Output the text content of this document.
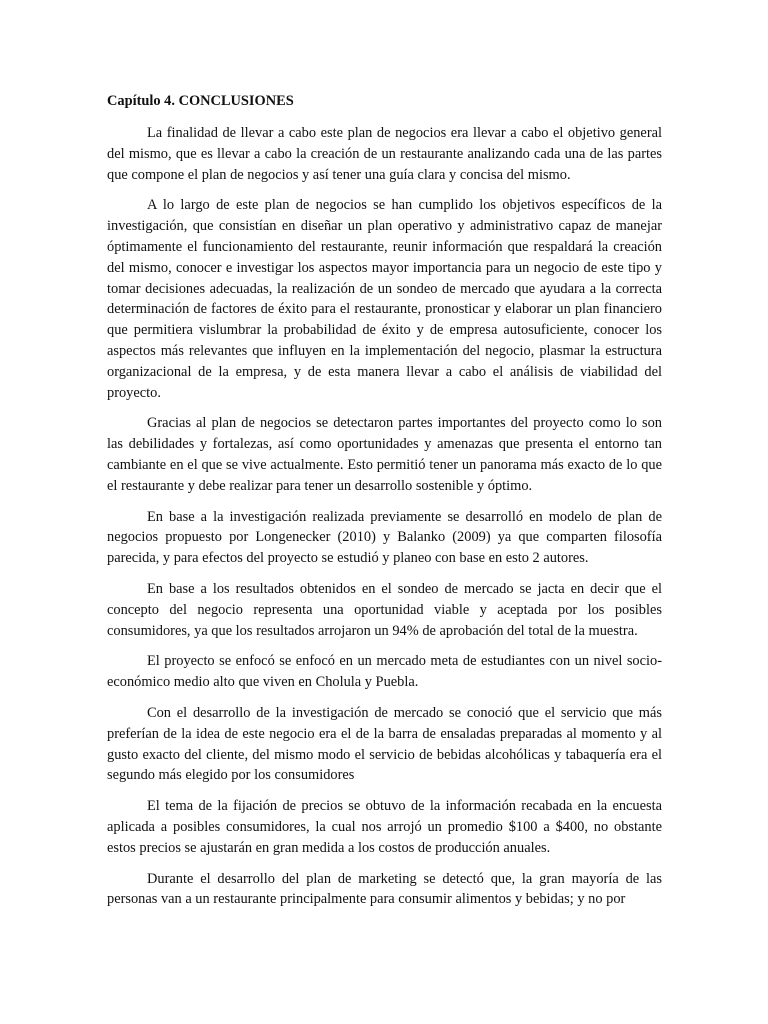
Capítulo 4. CONCLUSIONES

La finalidad de llevar a cabo este plan de negocios era llevar a cabo el objetivo general del mismo, que es llevar a cabo la creación de un restaurante analizando cada una de las partes que compone el plan de negocios y así tener una guía clara y concisa del mismo.

A lo largo de este plan de negocios se han cumplido los objetivos específicos de la investigación, que consistían en diseñar un plan operativo y administrativo capaz de manejar óptimamente el funcionamiento del restaurante, reunir información que respaldará la creación del mismo, conocer e investigar los aspectos mayor importancia para un negocio de este tipo y tomar decisiones adecuadas, la realización de un sondeo de mercado que ayudara a la correcta determinación de factores de éxito para el restaurante, pronosticar y elaborar un plan financiero que permitiera vislumbrar la probabilidad de éxito y de empresa autosuficiente, conocer los aspectos más relevantes que influyen en la implementación del negocio, plasmar la estructura organizacional de la empresa, y de esta manera llevar a cabo el análisis de viabilidad del proyecto.

Gracias al plan de negocios se detectaron partes importantes del proyecto como lo son las debilidades y fortalezas, así como oportunidades y amenazas que presenta el entorno tan cambiante en el que se vive actualmente. Esto permitió tener un panorama más exacto de lo que el restaurante y debe realizar para tener un desarrollo sostenible y óptimo.

En base a la investigación realizada previamente se desarrolló en modelo de plan de negocios propuesto por Longenecker (2010) y Balanko (2009) ya que comparten filosofía parecida, y para efectos del proyecto se estudió y planeo con base en esto 2 autores.

En base a los resultados obtenidos en el sondeo de mercado se jacta en decir que el concepto del negocio representa una oportunidad viable y aceptada por los posibles consumidores, ya que los resultados arrojaron un 94% de aprobación del total de la muestra.

El proyecto se enfocó se enfocó en un mercado meta de estudiantes con un nivel socio-económico medio alto que viven en Cholula y Puebla.

Con el desarrollo de la investigación de mercado se conoció que el servicio que más preferían de la idea de este negocio era el de la barra de ensaladas preparadas al momento y al gusto exacto del cliente, del mismo modo el servicio de bebidas alcohólicas y tabaquería era el segundo más elegido por los consumidores

El tema de la fijación de precios se obtuvo de la información recabada en la encuesta aplicada a posibles consumidores, la cual nos arrojó un promedio $100 a $400, no obstante estos precios se ajustarán en gran medida a los costos de producción anuales.

Durante el desarrollo del plan de marketing se detectó que, la gran mayoría de las personas van a un restaurante principalmente para consumir alimentos y bebidas; y no por
